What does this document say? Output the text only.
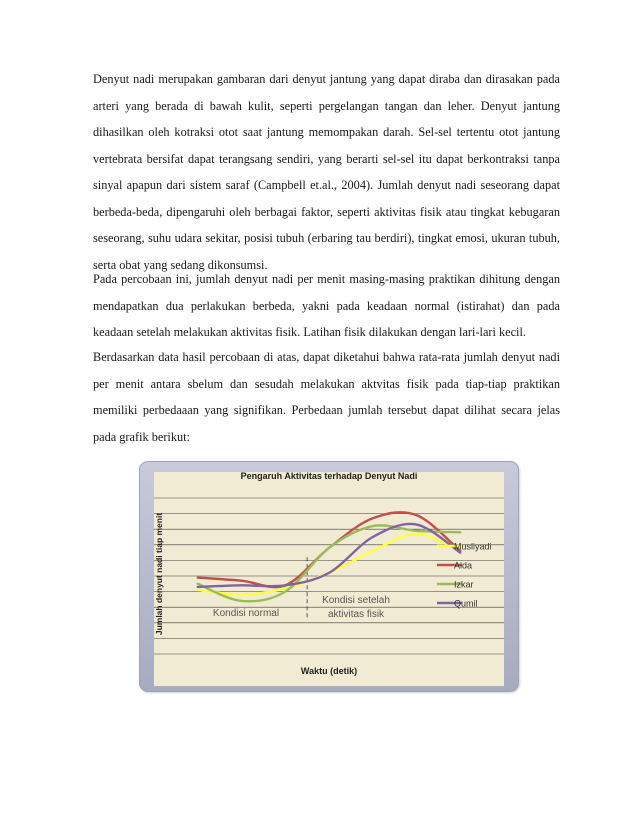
Denyut nadi merupakan gambaran dari denyut jantung yang dapat diraba dan dirasakan pada arteri yang berada di bawah kulit, seperti pergelangan tangan dan leher. Denyut jantung dihasilkan oleh kotraksi otot saat jantung memompakan darah. Sel-sel tertentu otot jantung vertebrata bersifat dapat terangsang sendiri, yang berarti sel-sel itu dapat berkontraksi tanpa sinyal apapun dari sistem saraf (Campbell et.al., 2004). Jumlah denyut nadi seseorang dapat berbeda-beda, dipengaruhi oleh berbagai faktor, seperti aktivitas fisik atau tingkat kebugaran seseorang, suhu udara sekitar, posisi tubuh (erbaring tau berdiri), tingkat emosi, ukuran tubuh, serta obat yang sedang dikonsumsi.

Pada percobaan ini, jumlah denyut nadi per menit masing-masing praktikan dihitung dengan mendapatkan dua perlakukan berbeda, yakni pada keadaan normal (istirahat) dan pada keadaan setelah melakukan aktivitas fisik. Latihan fisik dilakukan dengan lari-lari kecil.

Berdasarkan data hasil percobaan di atas, dapat diketahui bahwa rata-rata jumlah denyut nadi per menit antara sbelum dan sesudah melakukan aktvitas fisik pada tiap-tiap praktikan memiliki perbedaaan yang signifikan. Perbedaan jumlah tersebut dapat dilihat secara jelas pada grafik berikut:

Musliyadi
Aida
Izkar
Qumil
Pengaruh Aktivitas terhadap Denyut Nadi
Waktu (detik)
Jumlah denyut nadi tiap menit	Kondisi normal
Kondisi setelah
aktivitas fisik
